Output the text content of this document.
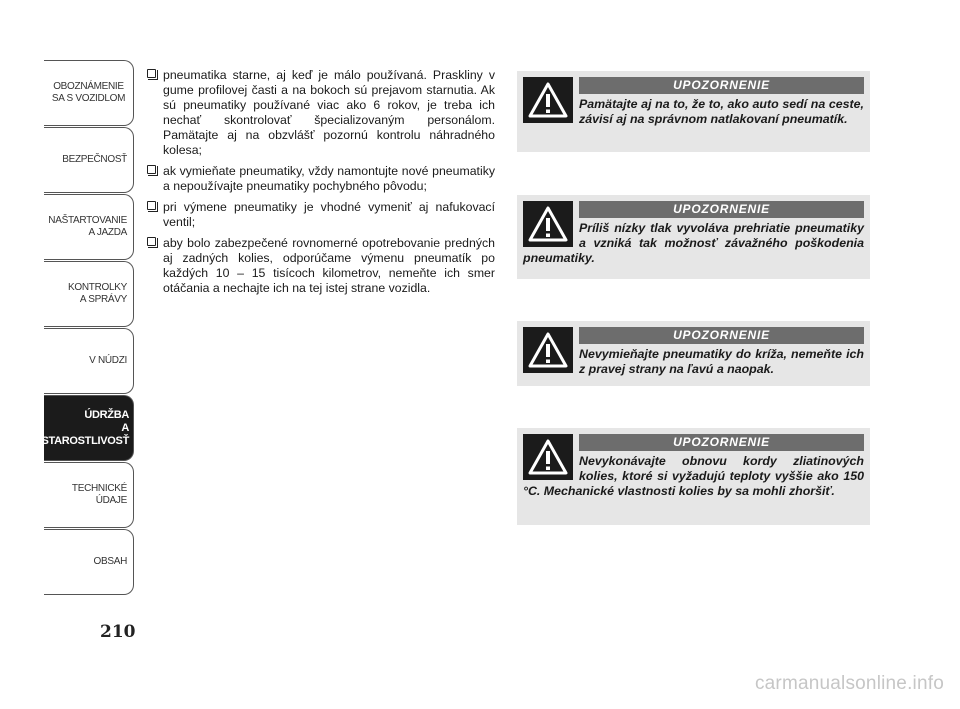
OBOZNÁMENIE
SA S VOZIDLOM
BEZPEČNOSŤ
NAŠTARTOVANIE
A JAZDA
KONTROLKY
A SPRÁVY
V NÚDZI
ÚDRŽBA
A STAROSTLIVOSŤ
TECHNICKÉ
ÚDAJE
OBSAH
210
pneumatika starne, aj keď je málo používaná. Praskliny v gume profilovej časti a na bokoch sú prejavom starnutia. Ak sú pneumatiky používané viac ako 6 rokov, je treba ich nechať skontrolovať špecializovaným personálom. Pamätajte aj na obzvlášť pozornú kontrolu náhradného kolesa;
ak vymieňate pneumatiky, vždy namontujte nové pneumatiky a nepoužívajte pneumatiky pochybného pôvodu;
pri výmene pneumatiky je vhodné vymeniť aj nafukovací ventil;
aby bolo zabezpečené rovnomerné opotrebovanie predných aj zadných kolies, odporúčame výmenu pneumatík po každých 10 – 15 tisícoch kilometrov, nemeňte ich smer otáčania a nechajte ich na tej istej strane vozidla.
UPOZORNENIE

Pamätajte aj na to, že to, ako auto sedí na ceste, závisí aj na správnom natlakovaní pneumatík.

UPOZORNENIE

Príliš nízky tlak vyvoláva prehriatie pneumatiky a vzniká tak možnosť závažného poškodenia pneumatiky.

UPOZORNENIE

Nevymieňajte pneumatiky do kríža, nemeňte ich z pravej strany na ľavú a naopak.

UPOZORNENIE

Nevykonávajte obnovu kordy zliatinových kolies, ktoré si vyžadujú teploty vyššie ako 150 °C. Mechanické vlastnosti kolies by sa mohli zhoršiť.

carmanualsonline.info
